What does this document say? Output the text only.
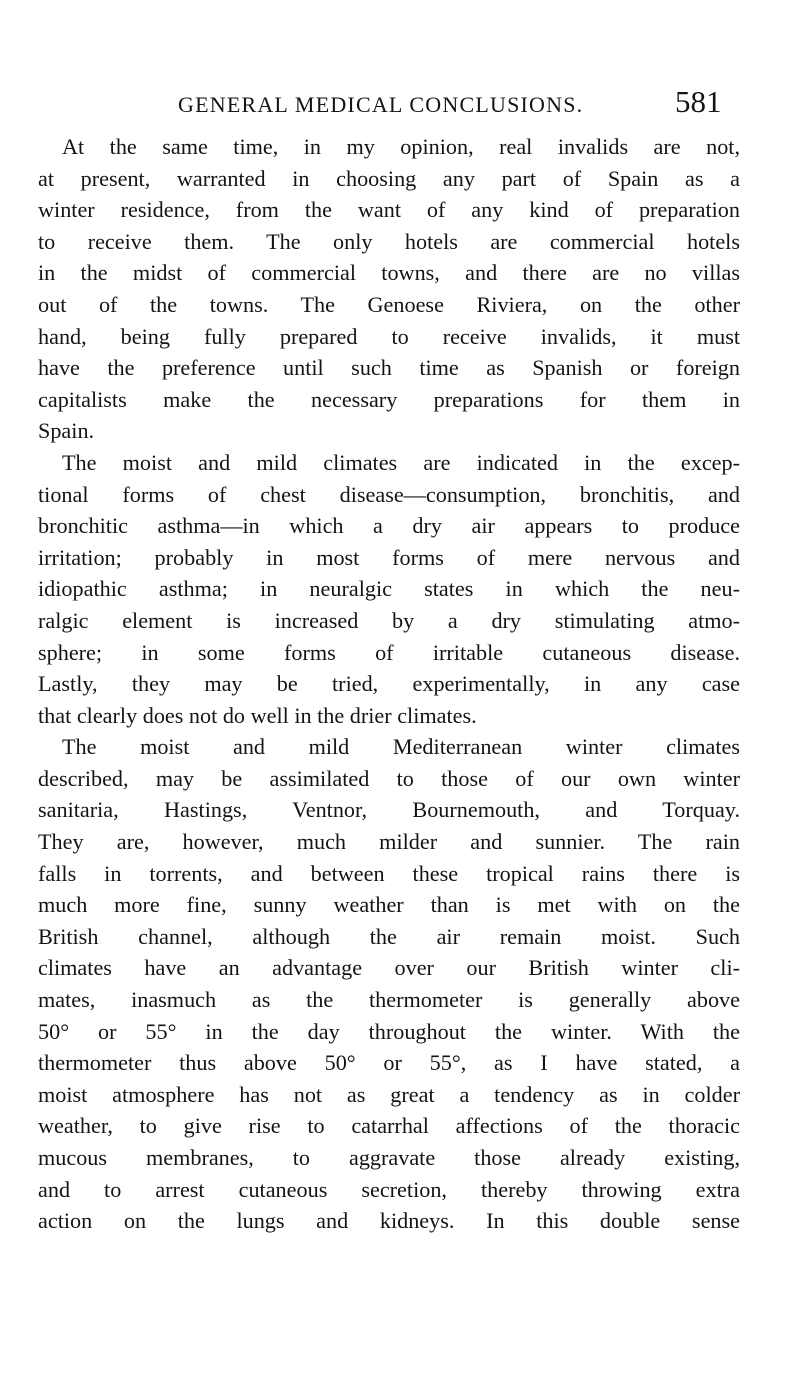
GENERAL MEDICAL CONCLUSIONS.	581
At the same time, in my opinion, real invalids are not,
at present, warranted in choosing any part of Spain as a
winter residence, from the want of any kind of preparation
to receive them. The only hotels are commercial hotels
in the midst of commercial towns, and there are no villas
out of the towns. The Genoese Riviera, on the other
hand, being fully prepared to receive invalids, it must
have the preference until such time as Spanish or foreign
capitalists make the necessary preparations for them in
Spain.
The moist and mild climates are indicated in the excep-
tional forms of chest disease—consumption, bronchitis, and
bronchitic asthma—in which a dry air appears to produce
irritation; probably in most forms of mere nervous and
idiopathic asthma; in neuralgic states in which the neu-
ralgic element is increased by a dry stimulating atmo-
sphere; in some forms of irritable cutaneous disease.
Lastly, they may be tried, experimentally, in any case
that clearly does not do well in the drier climates.
The moist and mild Mediterranean winter climates
described, may be assimilated to those of our own winter
sanitaria, Hastings, Ventnor, Bournemouth, and Torquay.
They are, however, much milder and sunnier. The rain
falls in torrents, and between these tropical rains there is
much more fine, sunny weather than is met with on the
British channel, although the air remain moist. Such
climates have an advantage over our British winter cli-
mates, inasmuch as the thermometer is generally above
50° or 55° in the day throughout the winter. With the
thermometer thus above 50° or 55°, as I have stated, a
moist atmosphere has not as great a tendency as in colder
weather, to give rise to catarrhal affections of the thoracic
mucous membranes, to aggravate those already existing,
and to arrest cutaneous secretion, thereby throwing extra
action on the lungs and kidneys. In this double sense
